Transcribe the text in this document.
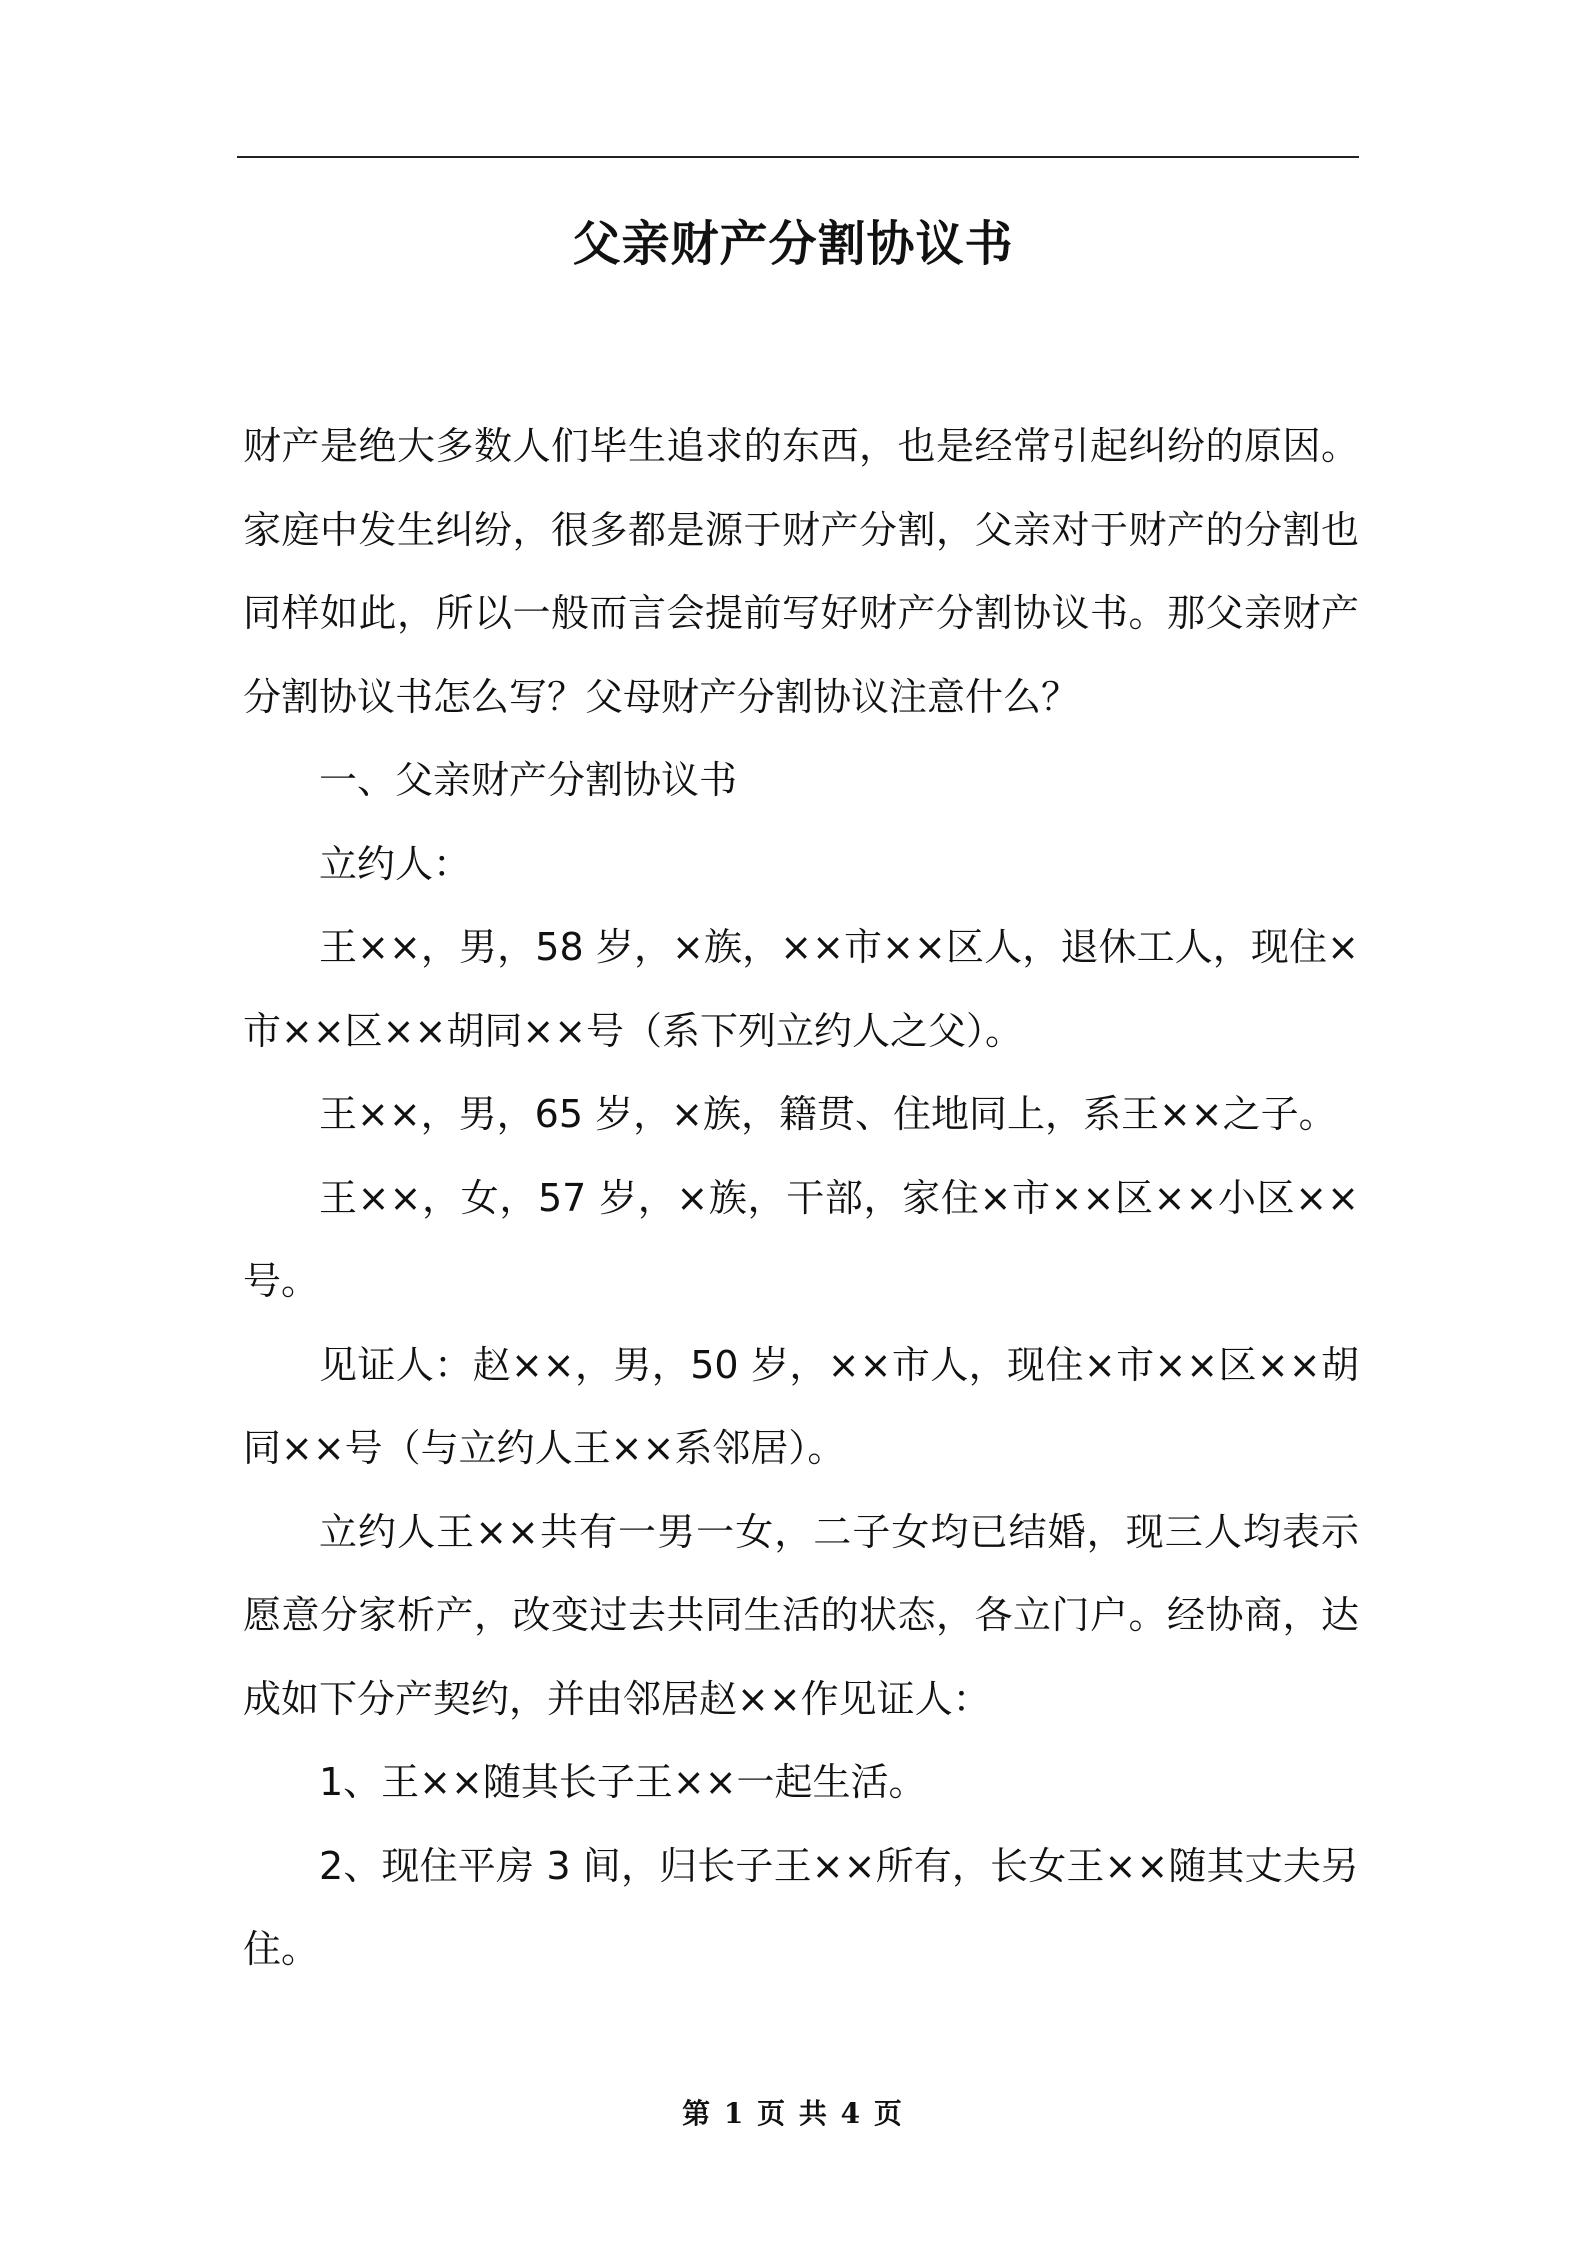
父亲财产分割协议书

财产是绝大多数人们毕生追求的东西，也是经常引起纠纷的原因。家庭中发生纠纷，很多都是源于财产分割，父亲对于财产的分割也同样如此，所以一般而言会提前写好财产分割协议书。那父亲财产分割协议书怎么写？父母财产分割协议注意什么？

一、父亲财产分割协议书

立约人：

王××，男，58 岁，×族，××市××区人，退休工人，现住×市××区××胡同××号（系下列立约人之父）。

王××，男，65 岁，×族，籍贯、住地同上，系王××之子。

王××，女，57 岁，×族，干部，家住×市××区××小区××号。

见证人：赵××，男，50 岁，××市人，现住×市××区××胡同××号（与立约人王××系邻居）。

立约人王××共有一男一女，二子女均已结婚，现三人均表示愿意分家析产，改变过去共同生活的状态，各立门户。经协商，达成如下分产契约，并由邻居赵××作见证人：

1、王××随其长子王××一起生活。

2、现住平房 3 间，归长子王××所有，长女王××随其丈夫另住。

第 1 页 共 4 页
